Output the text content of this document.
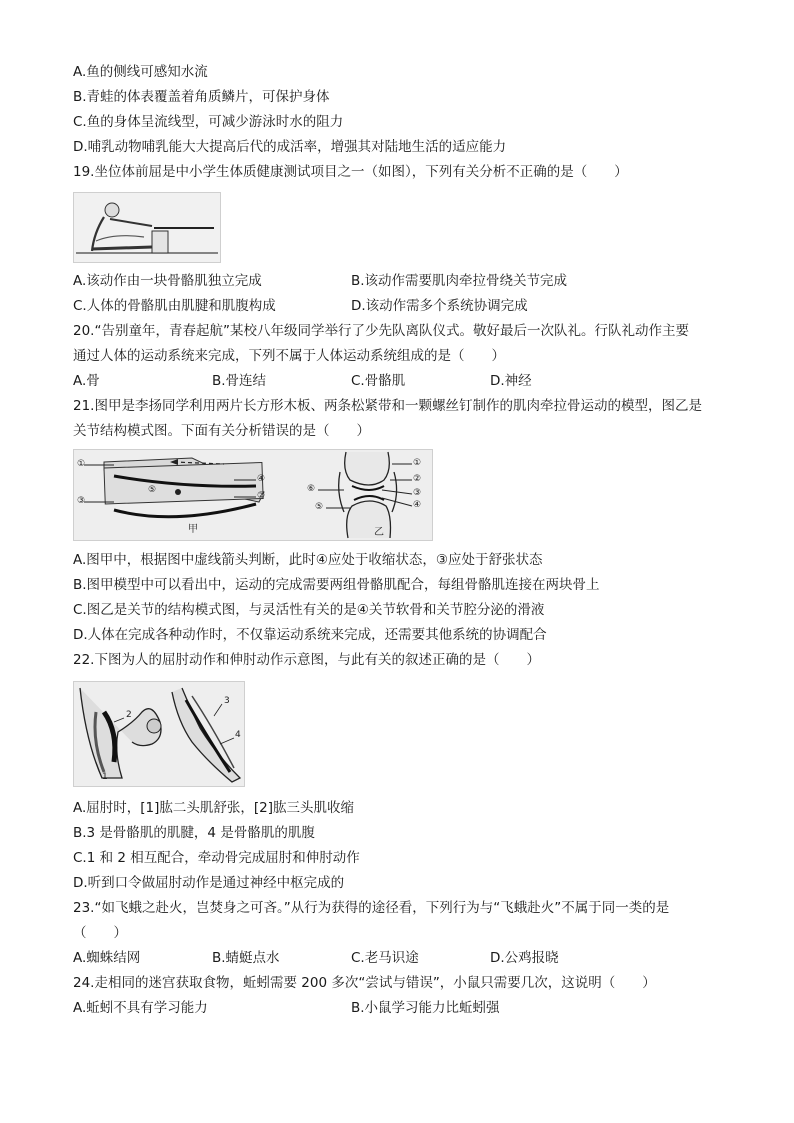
A.鱼的侧线可感知水流
B.青蛙的体表覆盖着角质鳞片，可保护身体
C.鱼的身体呈流线型，可减少游泳时水的阻力
D.哺乳动物哺乳能大大提高后代的成活率，增强其对陆地生活的适应能力
19.坐位体前屈是中小学生体质健康测试项目之一（如图），下列有关分析不正确的是（　　）
A.该动作由一块骨骼肌独立完成	B.该动作需要肌肉牵拉骨绕关节完成
C.人体的骨骼肌由肌腱和肌腹构成	D.该动作需多个系统协调完成
20.“告别童年，青春起航”某校八年级同学举行了少先队离队仪式。敬好最后一次队礼。行队礼动作主要
通过人体的运动系统来完成，下列不属于人体运动系统组成的是（　　）
A.骨	B.骨连结	C.骨骼肌	D.神经
21.图甲是李扬同学利用两片长方形木板、两条松紧带和一颗螺丝钉制作的肌肉牵拉骨运动的模型，图乙是
关节结构模式图。下面有关分析错误的是（　　）
①
③
⑤
④
②
甲
①
②
③
④
⑥
⑤
乙
A.图甲中，根据图中虚线箭头判断，此时④应处于收缩状态，③应处于舒张状态
B.图甲模型中可以看出中，运动的完成需要两组骨骼肌配合，每组骨骼肌连接在两块骨上
C.图乙是关节的结构模式图，与灵活性有关的是④关节软骨和关节腔分泌的滑液
D.人体在完成各种动作时，不仅靠运动系统来完成，还需要其他系统的协调配合
22.下图为人的屈肘动作和伸肘动作示意图，与此有关的叙述正确的是（　　）
2
1
3
4
A.屈肘时，[1]肱二头肌舒张，[2]肱三头肌收缩
B.3 是骨骼肌的肌腱，4 是骨骼肌的肌腹
C.1 和 2 相互配合，牵动骨完成屈肘和伸肘动作
D.听到口令做屈肘动作是通过神经中枢完成的
23.“如飞蛾之赴火，岂焚身之可吝。”从行为获得的途径看，下列行为与“飞蛾赴火”不属于同一类的是
（　　）
A.蜘蛛结网	B.蜻蜓点水	C.老马识途	D.公鸡报晓
24.走相同的迷宫获取食物，蚯蚓需要 200 多次“尝试与错误”，小鼠只需要几次，这说明（　　）
A.蚯蚓不具有学习能力	B.小鼠学习能力比蚯蚓强
